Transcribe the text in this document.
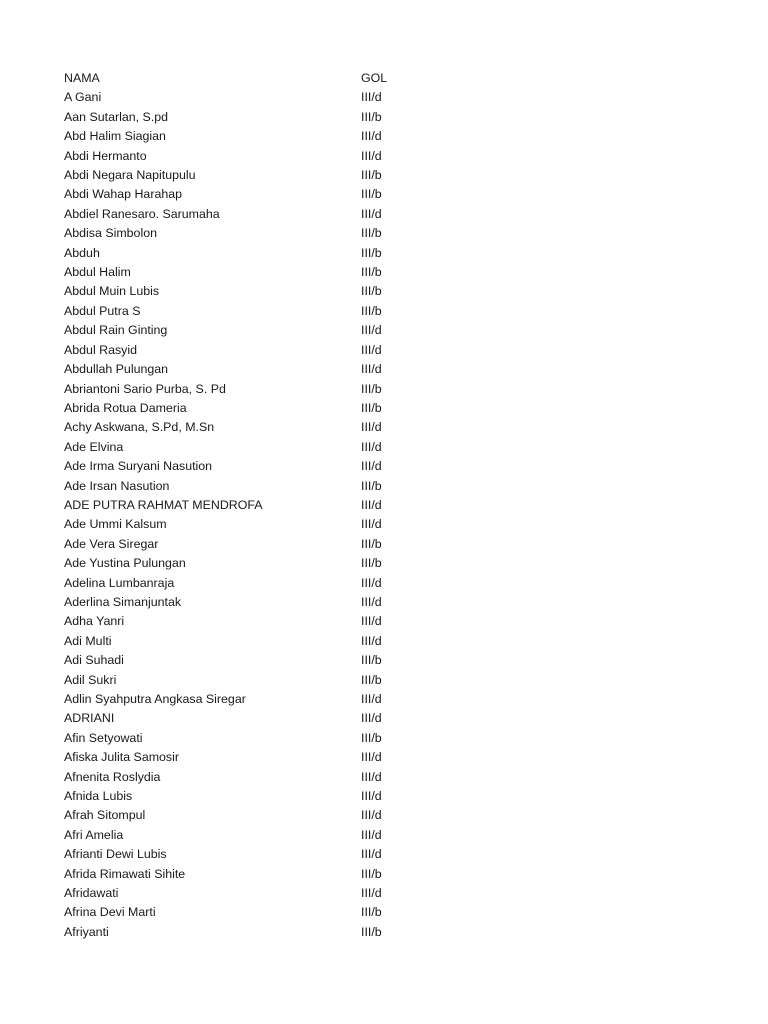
NAMA	GOL
A Gani	III/d
Aan Sutarlan, S.pd	III/b
Abd Halim Siagian	III/d
Abdi Hermanto	III/d
Abdi Negara Napitupulu	III/b
Abdi Wahap Harahap	III/b
Abdiel Ranesaro. Sarumaha	III/d
Abdisa Simbolon	III/b
Abduh	III/b
Abdul Halim	III/b
Abdul Muin Lubis	III/b
Abdul Putra S	III/b
Abdul Rain Ginting	III/d
Abdul Rasyid	III/d
Abdullah Pulungan	III/d
Abriantoni Sario Purba, S. Pd	III/b
Abrida Rotua Dameria	III/b
Achy Askwana, S.Pd, M.Sn	III/d
Ade Elvina	III/d
Ade Irma Suryani Nasution	III/d
Ade Irsan Nasution	III/b
ADE PUTRA RAHMAT MENDROFA	III/d
Ade Ummi Kalsum	III/d
Ade Vera Siregar	III/b
Ade Yustina Pulungan	III/b
Adelina Lumbanraja	III/d
Aderlina Simanjuntak	III/d
Adha Yanri	III/d
Adi Multi	III/d
Adi Suhadi	III/b
Adil Sukri	III/b
Adlin Syahputra Angkasa Siregar	III/d
ADRIANI	III/d
Afin Setyowati	III/b
Afiska Julita Samosir	III/d
Afnenita Roslydia	III/d
Afnida Lubis	III/d
Afrah Sitompul	III/d
Afri Amelia	III/d
Afrianti Dewi Lubis	III/d
Afrida Rimawati Sihite	III/b
Afridawati	III/d
Afrina Devi Marti	III/b
Afriyanti	III/b
